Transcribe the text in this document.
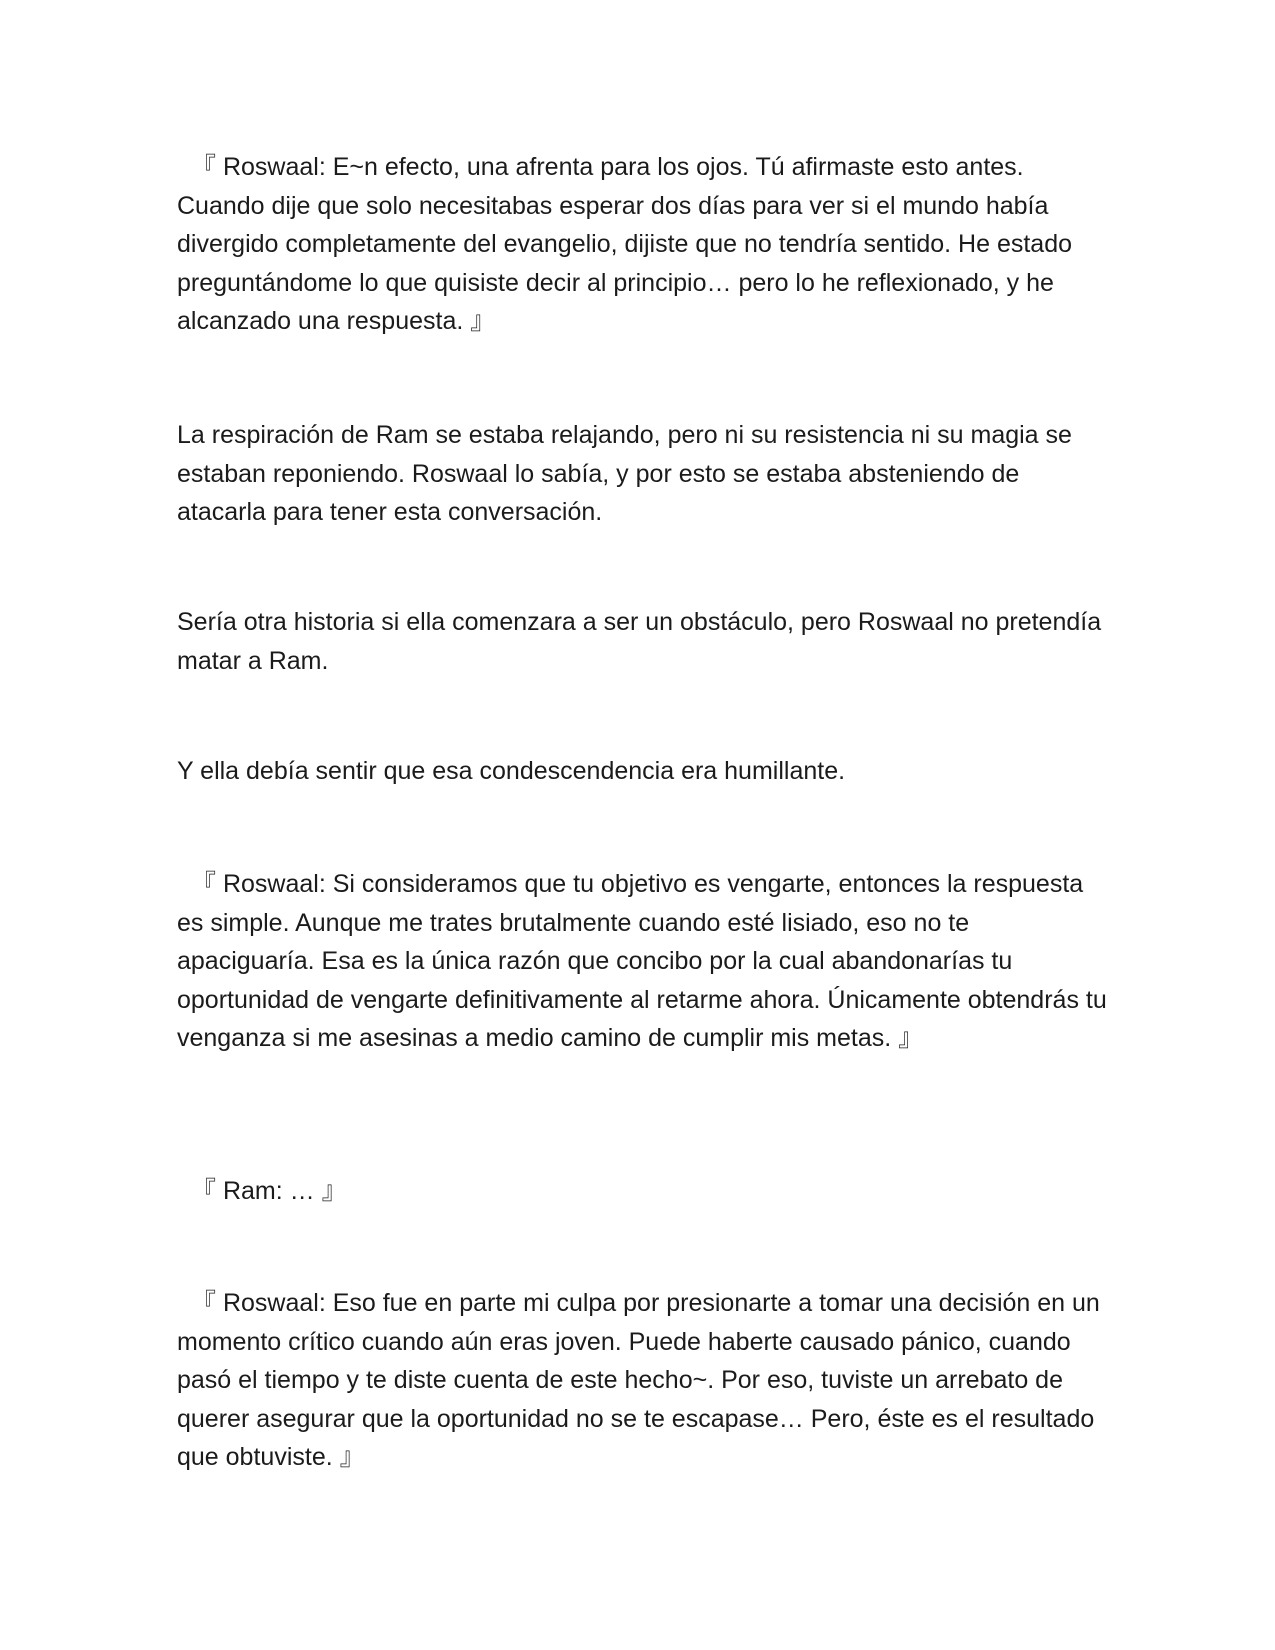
『 Roswaal: E~n efecto, una afrenta para los ojos. Tú afirmaste esto antes. Cuando dije que solo necesitabas esperar dos días para ver si el mundo había divergido completamente del evangelio, dijiste que no tendría sentido. He estado preguntándome lo que quisiste decir al principio… pero lo he reflexionado, y he alcanzado una respuesta. 』

La respiración de Ram se estaba relajando, pero ni su resistencia ni su magia se estaban reponiendo. Roswaal lo sabía, y por esto se estaba absteniendo de atacarla para tener esta conversación.

Sería otra historia si ella comenzara a ser un obstáculo, pero Roswaal no pretendía matar a Ram.

Y ella debía sentir que esa condescendencia era humillante.

『 Roswaal: Si consideramos que tu objetivo es vengarte, entonces la respuesta es simple. Aunque me trates brutalmente cuando esté lisiado, eso no te apaciguaría. Esa es la única razón que concibo por la cual abandonarías tu oportunidad de vengarte definitivamente al retarme ahora. Únicamente obtendrás tu venganza si me asesinas a medio camino de cumplir mis metas. 』

『 Ram: … 』

『 Roswaal: Eso fue en parte mi culpa por presionarte a tomar una decisión en un momento crítico cuando aún eras joven. Puede haberte causado pánico, cuando pasó el tiempo y te diste cuenta de este hecho~. Por eso, tuviste un arrebato de querer asegurar que la oportunidad no se te escapase… Pero, éste es el resultado que obtuviste. 』
